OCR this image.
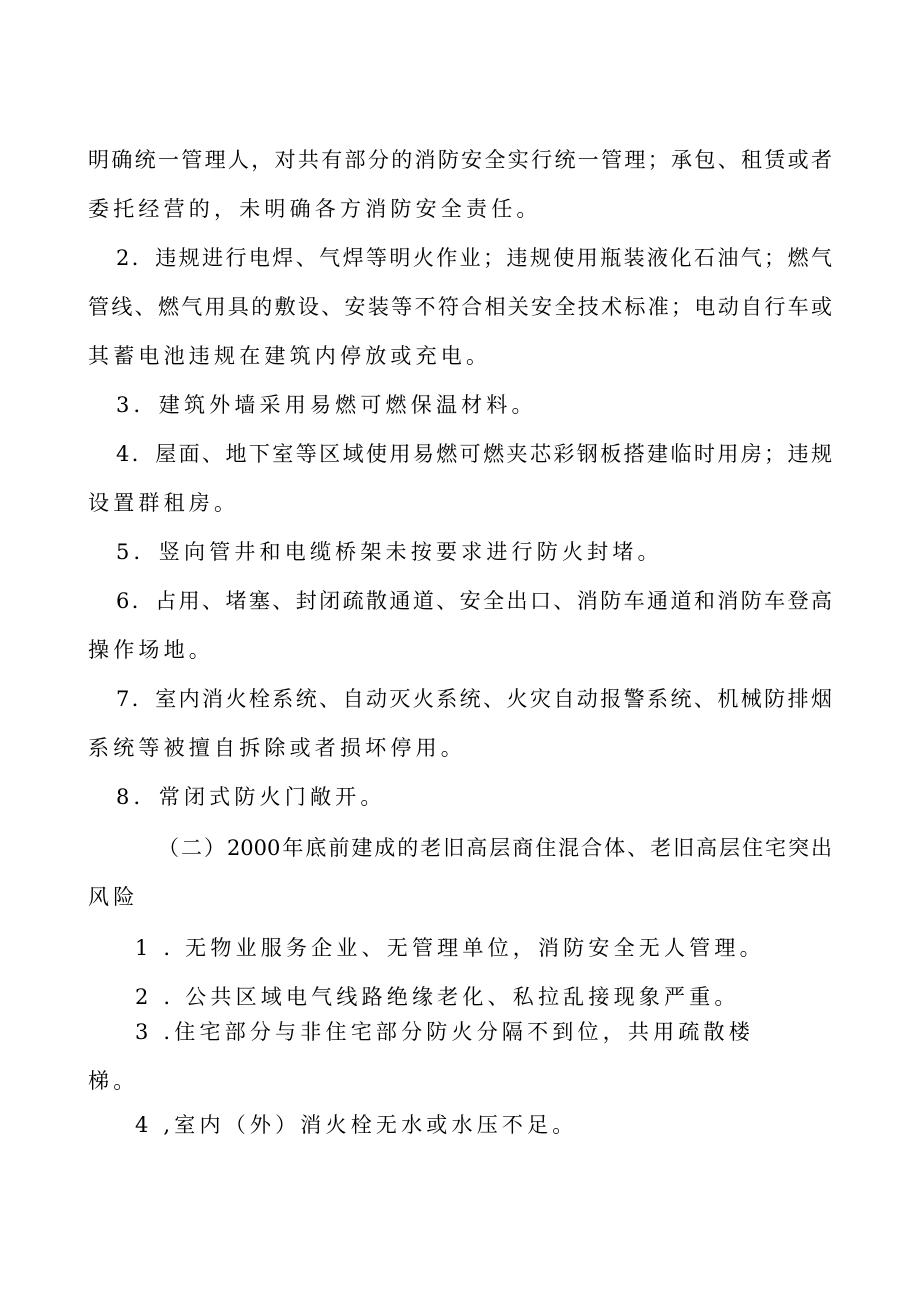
明确统一管理人，对共有部分的消防安全实行统一管理；承包、租赁或者

委托经营的，未明确各方消防安全责任。

2．违规进行电焊、气焊等明火作业；违规使用瓶装液化石油气；燃气

管线、燃气用具的敷设、安装等不符合相关安全技术标准；电动自行车或

其蓄电池违规在建筑内停放或充电。

3．建筑外墙采用易燃可燃保温材料。

4．屋面、地下室等区域使用易燃可燃夹芯彩钢板搭建临时用房；违规

设置群租房。

5．竖向管井和电缆桥架未按要求进行防火封堵。

6．占用、堵塞、封闭疏散通道、安全出口、消防车通道和消防车登高

操作场地。

7．室内消火栓系统、自动灭火系统、火灾自动报警系统、机械防排烟

系统等被擅自拆除或者损坏停用。

8．常闭式防火门敞开。

（二）2000年底前建成的老旧高层商住混合体、老旧高层住宅突出

风险

1 . 无物业服务企业、无管理单位，消防安全无人管理。

2 . 公共区域电气线路绝缘老化、私拉乱接现象严重。

3 .住宅部分与非住宅部分防火分隔不到位，共用疏散楼

梯。

4 ,室内（外）消火栓无水或水压不足。
